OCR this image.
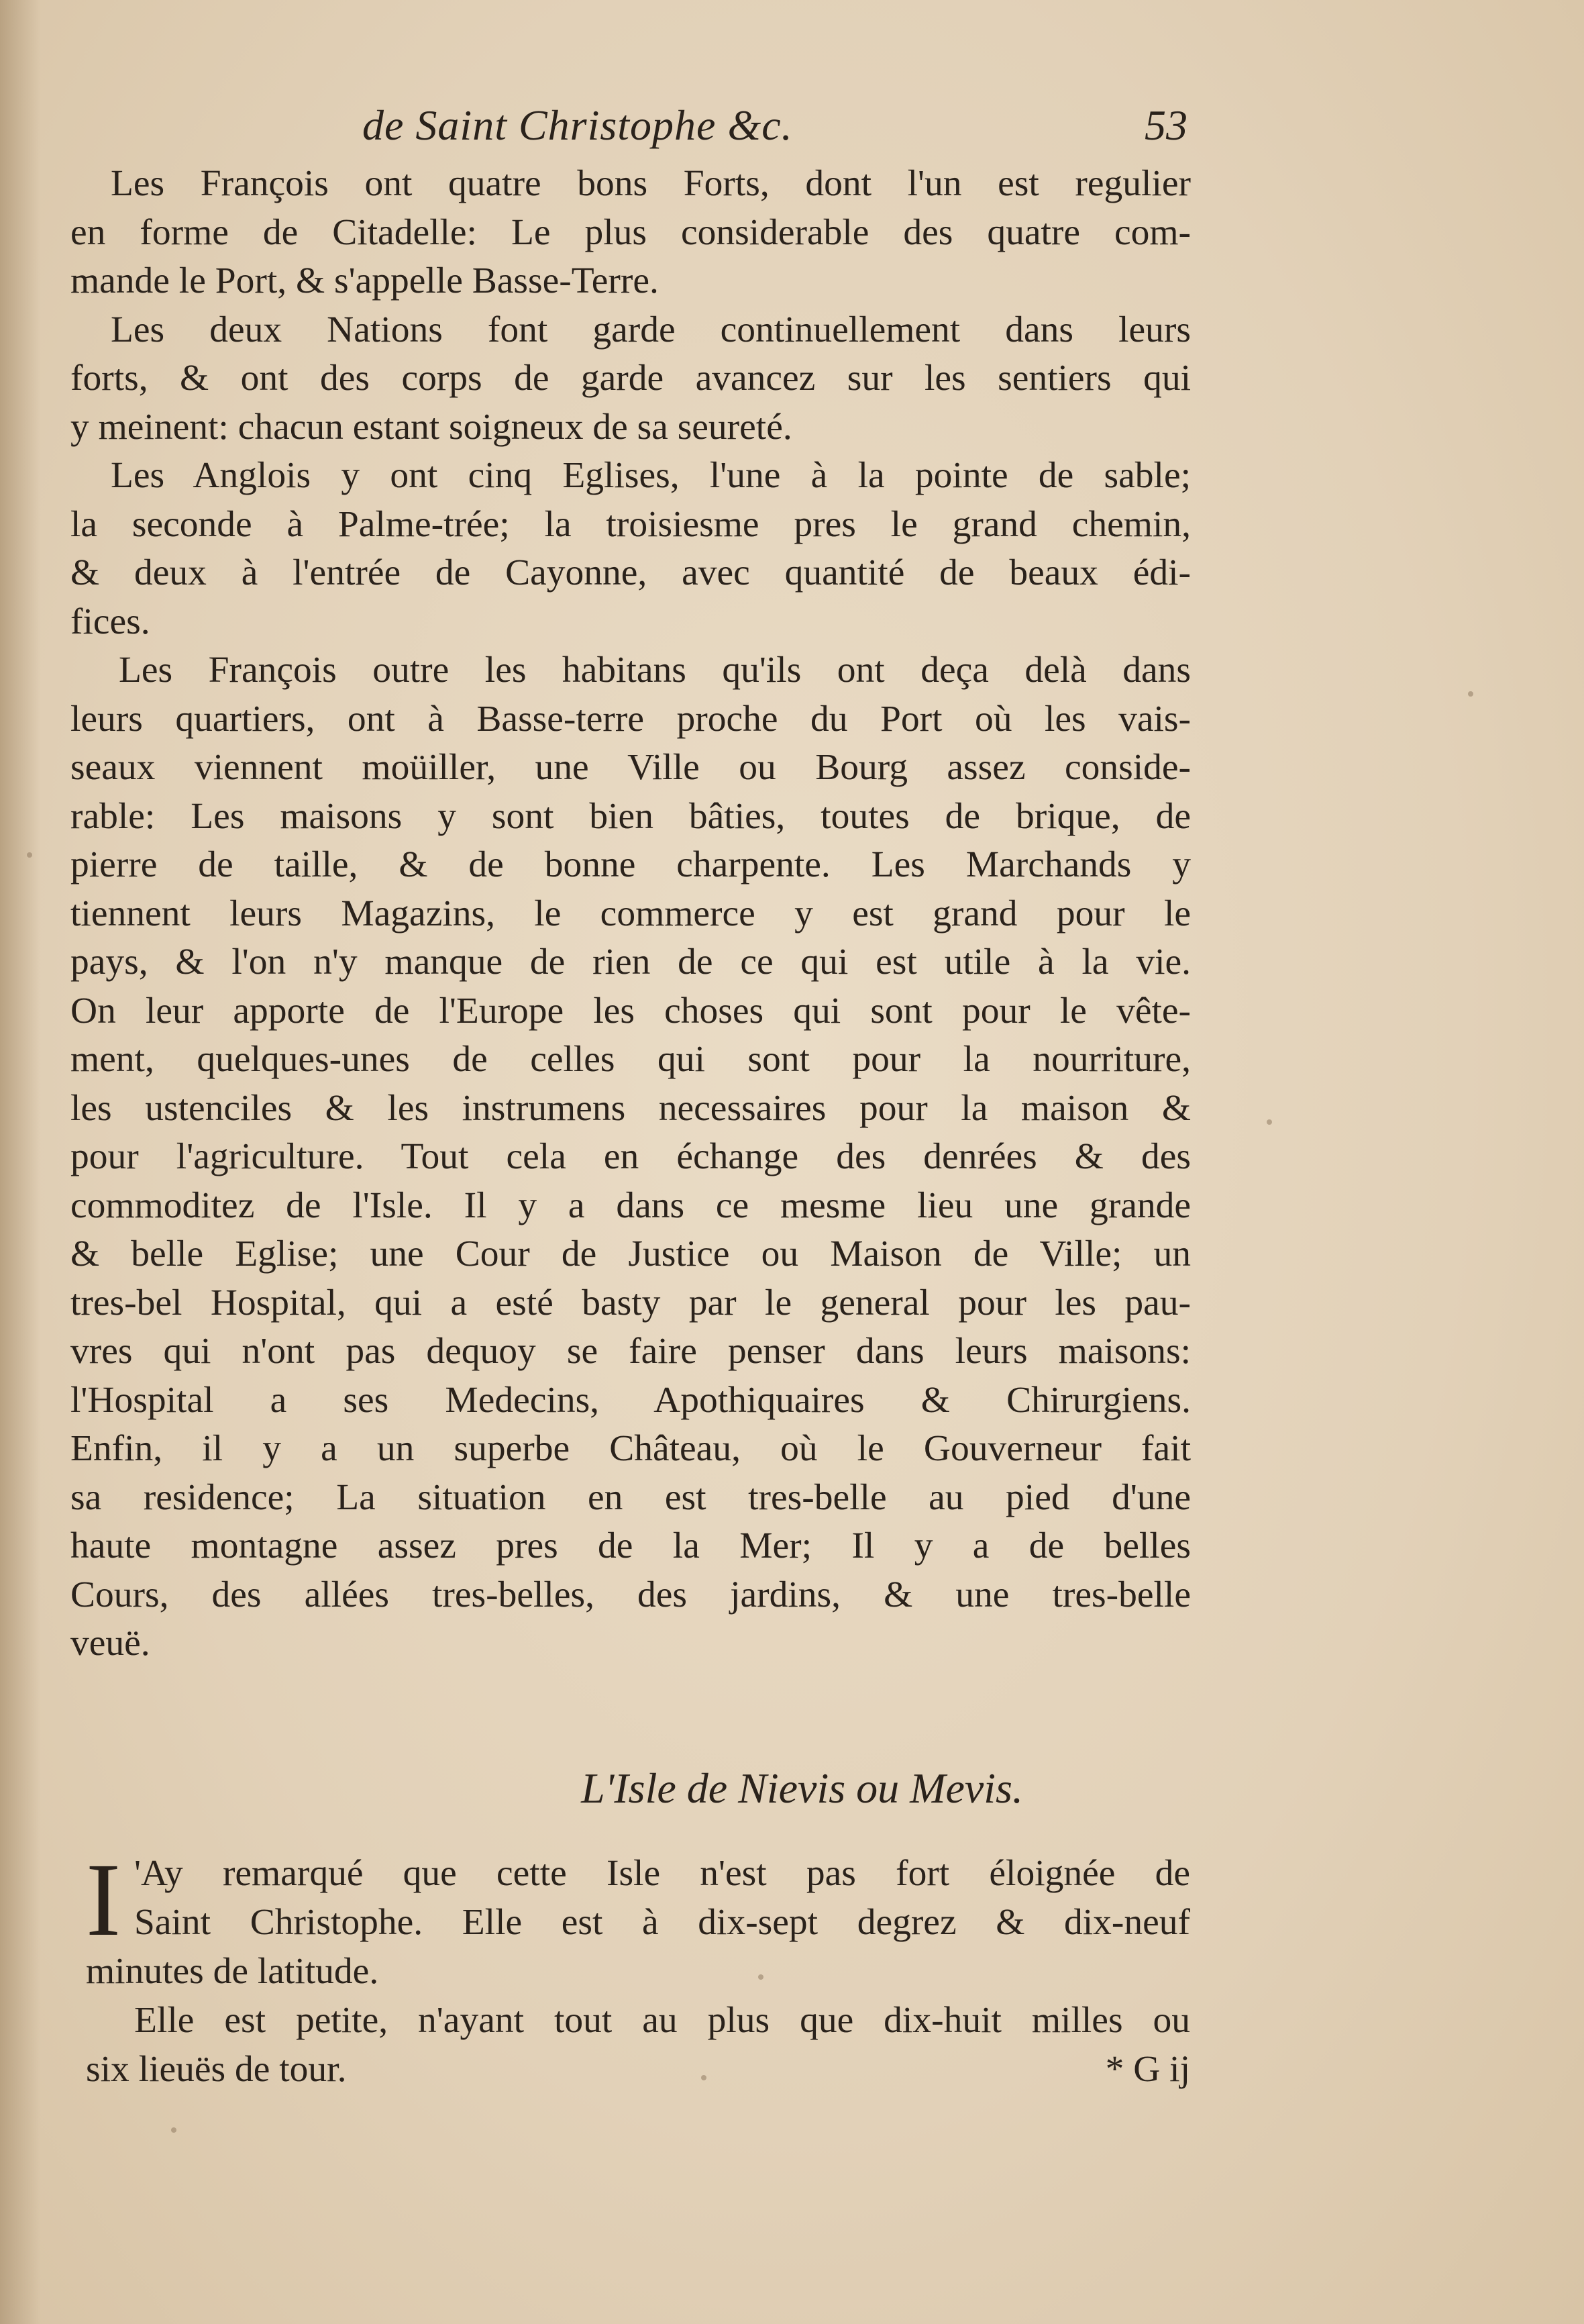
de Saint Christophe &c.	53
Les François ont quatre bons Forts, dont l'un est regulier
en forme de Citadelle: Le plus considerable des quatre com-
mande le Port, & s'appelle Basse-Terre.
Les deux Nations font garde continuellement dans leurs
forts, & ont des corps de garde avancez sur les sentiers qui
y meinent: chacun estant soigneux de sa seureté.
Les Anglois y ont cinq Eglises, l'une à la pointe de sable;
la seconde à Palme-trée; la troisiesme pres le grand chemin,
& deux à l'entrée de Cayonne, avec quantité de beaux édi-
fices.
Les François outre les habitans qu'ils ont deça delà dans
leurs quartiers, ont à Basse-terre proche du Port où les vais-
seaux viennent moüiller, une Ville ou Bourg assez conside-
rable: Les maisons y sont bien bâties, toutes de brique, de
pierre de taille, & de bonne charpente. Les Marchands y
tiennent leurs Magazins, le commerce y est grand pour le
pays, & l'on n'y manque de rien de ce qui est utile à la vie.
On leur apporte de l'Europe les choses qui sont pour le vête-
ment, quelques-unes de celles qui sont pour la nourriture,
les ustenciles & les instrumens necessaires pour la maison &
pour l'agriculture. Tout cela en échange des denrées & des
commoditez de l'Isle. Il y a dans ce mesme lieu une grande
& belle Eglise; une Cour de Justice ou Maison de Ville; un
tres-bel Hospital, qui a esté basty par le general pour les pau-
vres qui n'ont pas dequoy se faire penser dans leurs maisons:
l'Hospital a ses Medecins, Apothiquaires & Chirurgiens.
Enfin, il y a un superbe Château, où le Gouverneur fait
sa residence; La situation en est tres-belle au pied d'une
haute montagne assez pres de la Mer; Il y a de belles
Cours, des allées tres-belles, des jardins, & une tres-belle
veuë.
L'Isle de Nievis ou Mevis.
I 'Ay remarqué que cette Isle n'est pas fort éloignée de
Saint Christophe. Elle est à dix-sept degrez & dix-neuf
minutes de latitude.
Elle est petite, n'ayant tout au plus que dix-huit milles ou
six lieuës de tour.	* G ij
